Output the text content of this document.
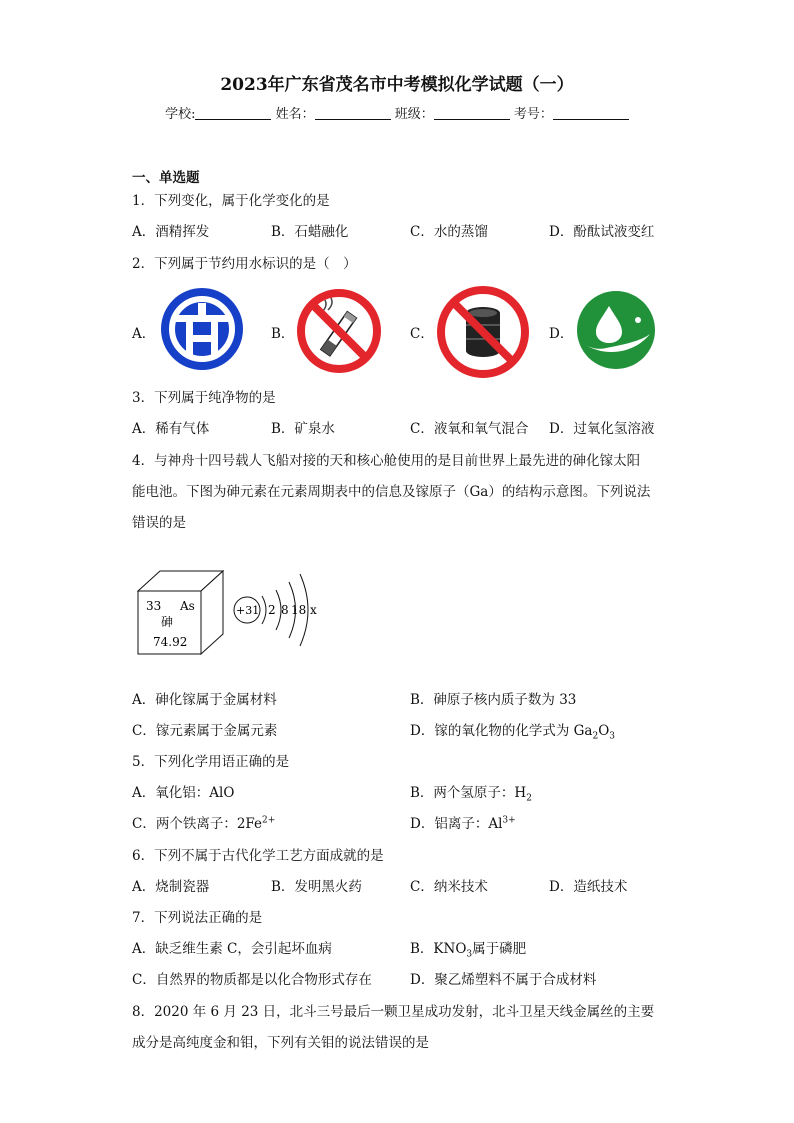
2023年广东省茂名市中考模拟化学试题（一）
学校:	姓名：	班级：	考号：
一、单选题
1．下列变化，属于化学变化的是
A．酒精挥发	B．石蜡融化	C．水的蒸馏	D．酚酞试液变红
2．下列属于节约用水标识的是（　）
A．	B．	C．	D．
3．下列属于纯净物的是
A．稀有气体	B．矿泉水	C．液氧和氧气混合 D．过氧化氢溶液
4．与神舟十四号载人飞船对接的天和核心舱使用的是目前世界上最先进的砷化镓太阳
能电池。下图为砷元素在元素周期表中的信息及镓原子（Ga）的结构示意图。下列说法
错误的是
33 As
砷
74.92
+31 2 8 18 x
A．砷化镓属于金属材料	B．砷原子核内质子数为 33
C．镓元素属于金属元素	D．镓的氧化物的化学式为 $Ga_2O_3$
5．下列化学用语正确的是
A．氧化铝：AlO	B．两个氢原子：$H_2$
C．两个铁离子：$2Fe^{2+}$	D．铝离子：$Al^{3+}$
6．下列不属于古代化学工艺方面成就的是
A．烧制瓷器	B．发明黑火药	C．纳米技术	D．造纸技术
7．下列说法正确的是
A．缺乏维生素 C，会引起坏血病	B．$KNO_3$属于磷肥
C．自然界的物质都是以化合物形式存在	D．聚乙烯塑料不属于合成材料
8．2020 年 6 月 23 日，北斗三号最后一颗卫星成功发射，北斗卫星天线金属丝的主要
成分是高纯度金和钼，下列有关钼的说法错误的是
